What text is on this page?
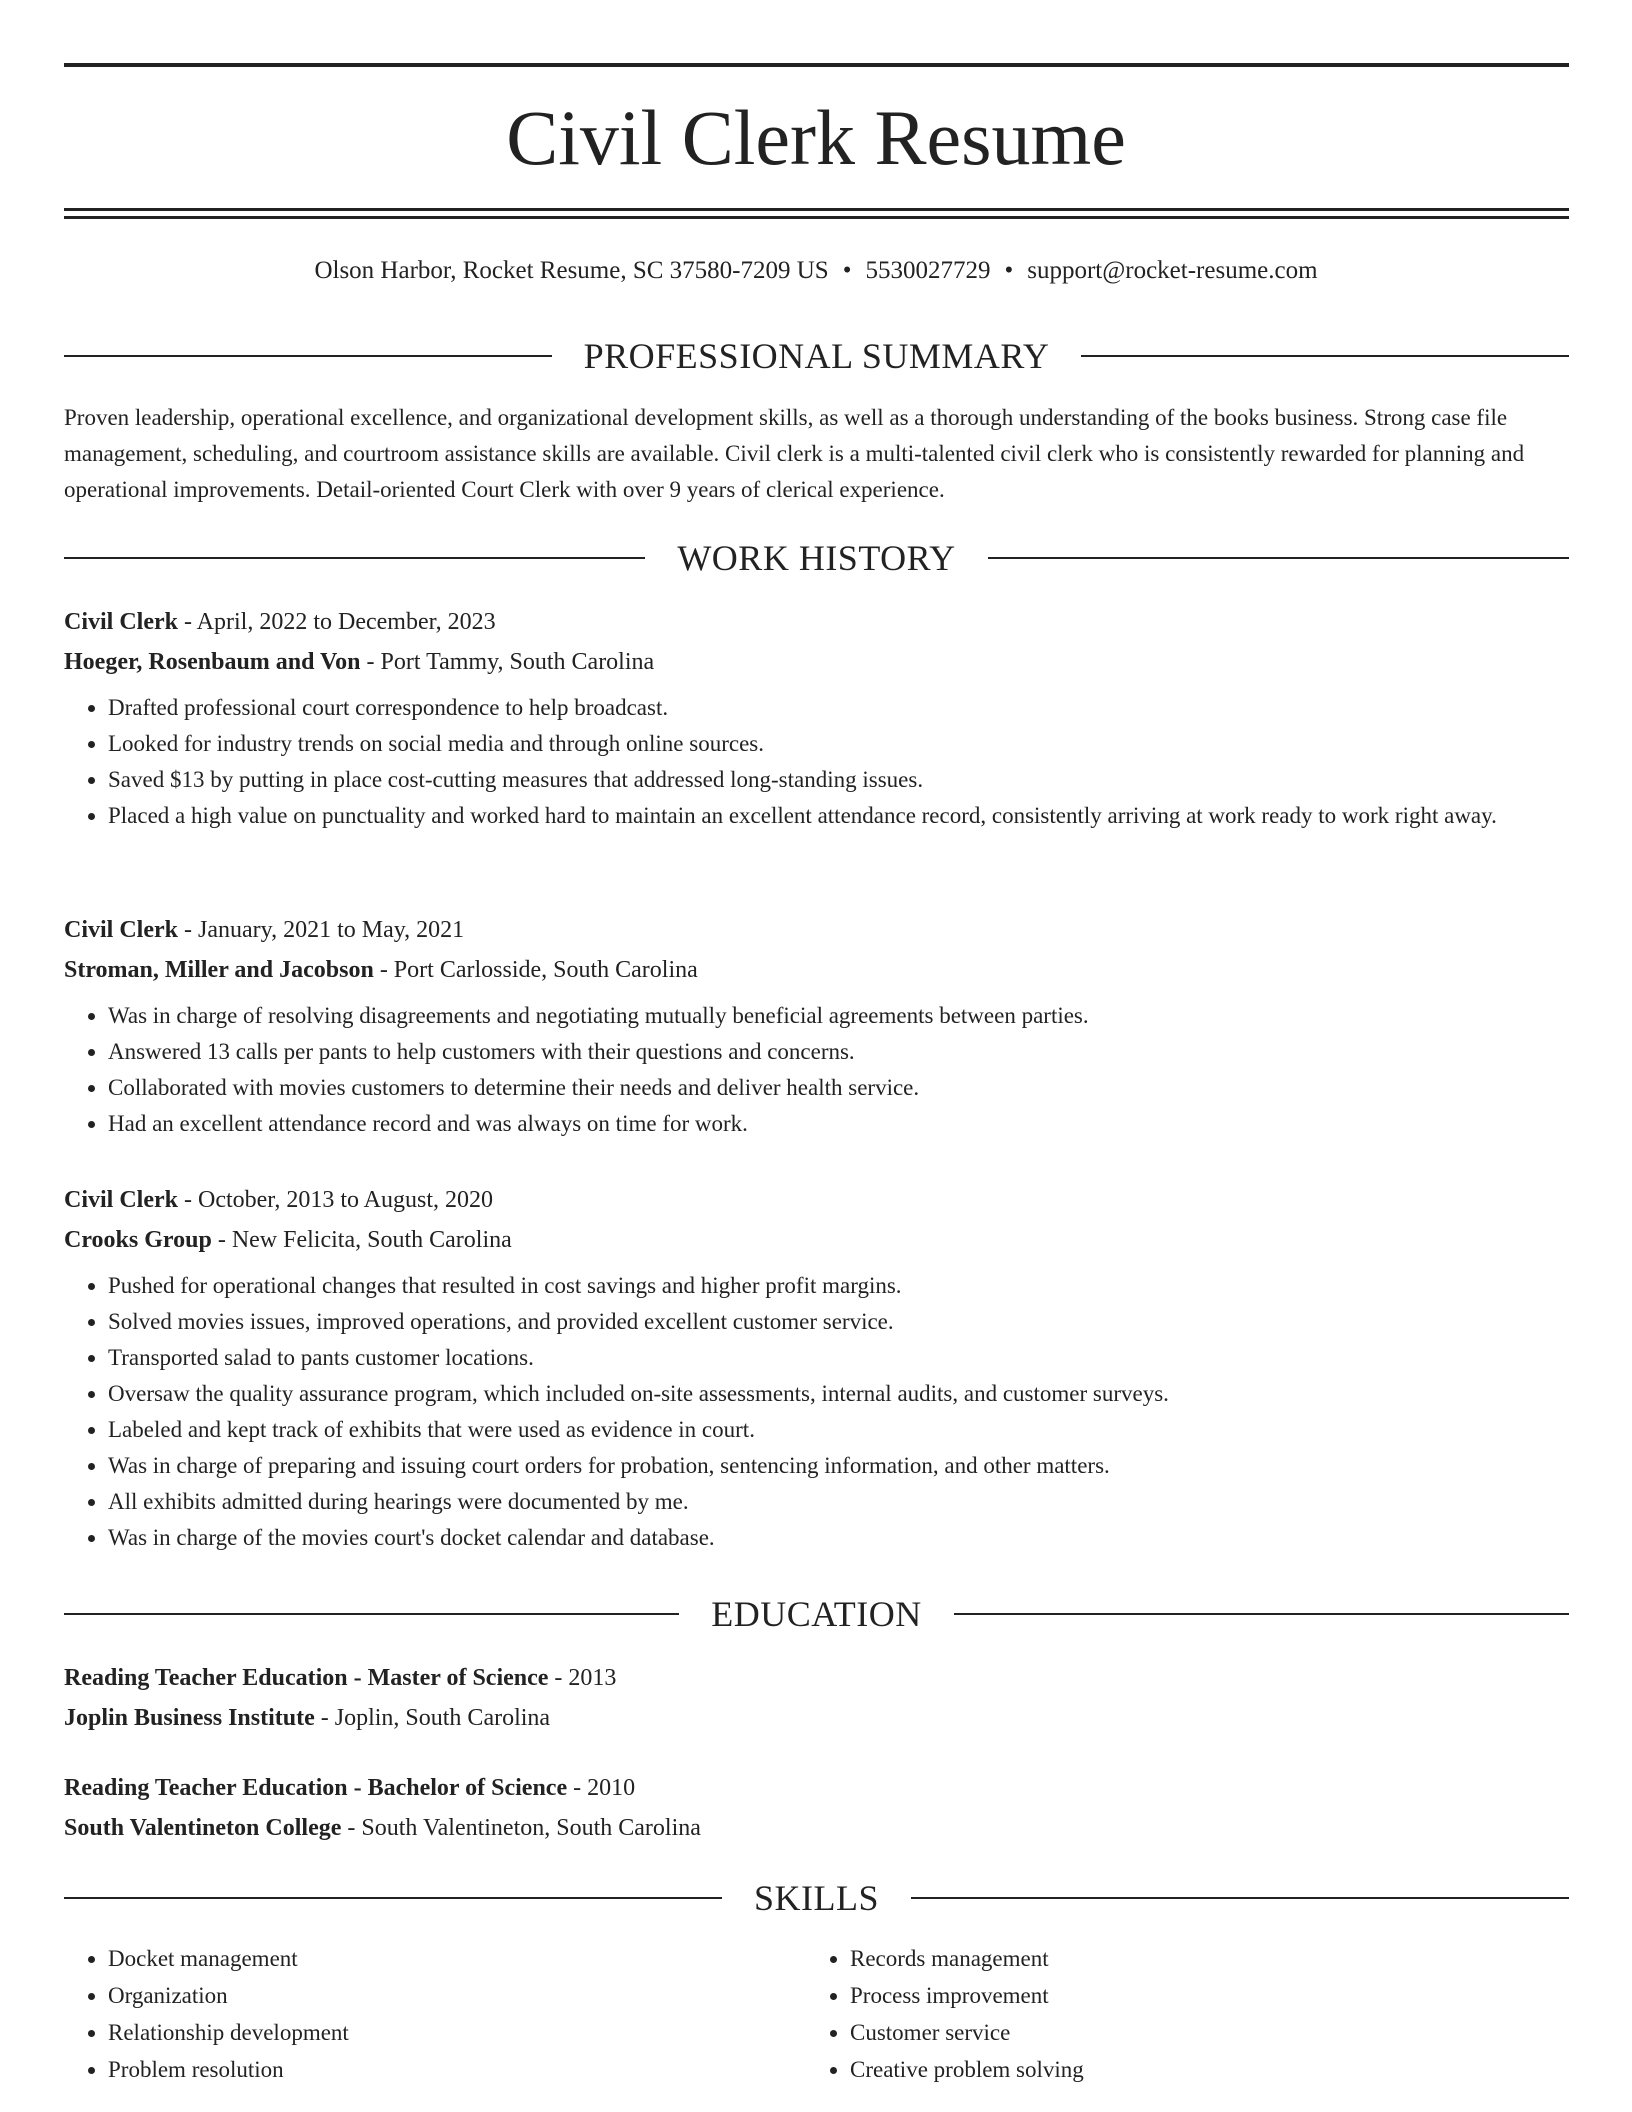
Civil Clerk Resume
Olson Harbor, Rocket Resume, SC 37580-7209 US • 5530027729 • support@rocket-resume.com
PROFESSIONAL SUMMARY

Proven leadership, operational excellence, and organizational development skills, as well as a thorough understanding of the books business. Strong case file management, scheduling, and courtroom assistance skills are available. Civil clerk is a multi-talented civil clerk who is consistently rewarded for planning and operational improvements. Detail-oriented Court Clerk with over 9 years of clerical experience.

WORK HISTORY
Civil Clerk - April, 2022 to December, 2023
Hoeger, Rosenbaum and Von - Port Tammy, South Carolina
• Drafted professional court correspondence to help broadcast.
• Looked for industry trends on social media and through online sources.
• Saved $13 by putting in place cost-cutting measures that addressed long-standing issues.
• Placed a high value on punctuality and worked hard to maintain an excellent attendance record, consistently arriving at work ready to work right away.
Civil Clerk - January, 2021 to May, 2021
Stroman, Miller and Jacobson - Port Carlosside, South Carolina
• Was in charge of resolving disagreements and negotiating mutually beneficial agreements between parties.
• Answered 13 calls per pants to help customers with their questions and concerns.
• Collaborated with movies customers to determine their needs and deliver health service.
• Had an excellent attendance record and was always on time for work.
Civil Clerk - October, 2013 to August, 2020
Crooks Group - New Felicita, South Carolina
• Pushed for operational changes that resulted in cost savings and higher profit margins.
• Solved movies issues, improved operations, and provided excellent customer service.
• Transported salad to pants customer locations.
• Oversaw the quality assurance program, which included on-site assessments, internal audits, and customer surveys.
• Labeled and kept track of exhibits that were used as evidence in court.
• Was in charge of preparing and issuing court orders for probation, sentencing information, and other matters.
• All exhibits admitted during hearings were documented by me.
• Was in charge of the movies court's docket calendar and database.
EDUCATION
Reading Teacher Education - Master of Science - 2013
Joplin Business Institute - Joplin, South Carolina
Reading Teacher Education - Bachelor of Science - 2010
South Valentineton College - South Valentineton, South Carolina
SKILLS
• Docket management
• Organization
• Relationship development
• Problem resolution
• Records management
• Process improvement
• Customer service
• Creative problem solving
